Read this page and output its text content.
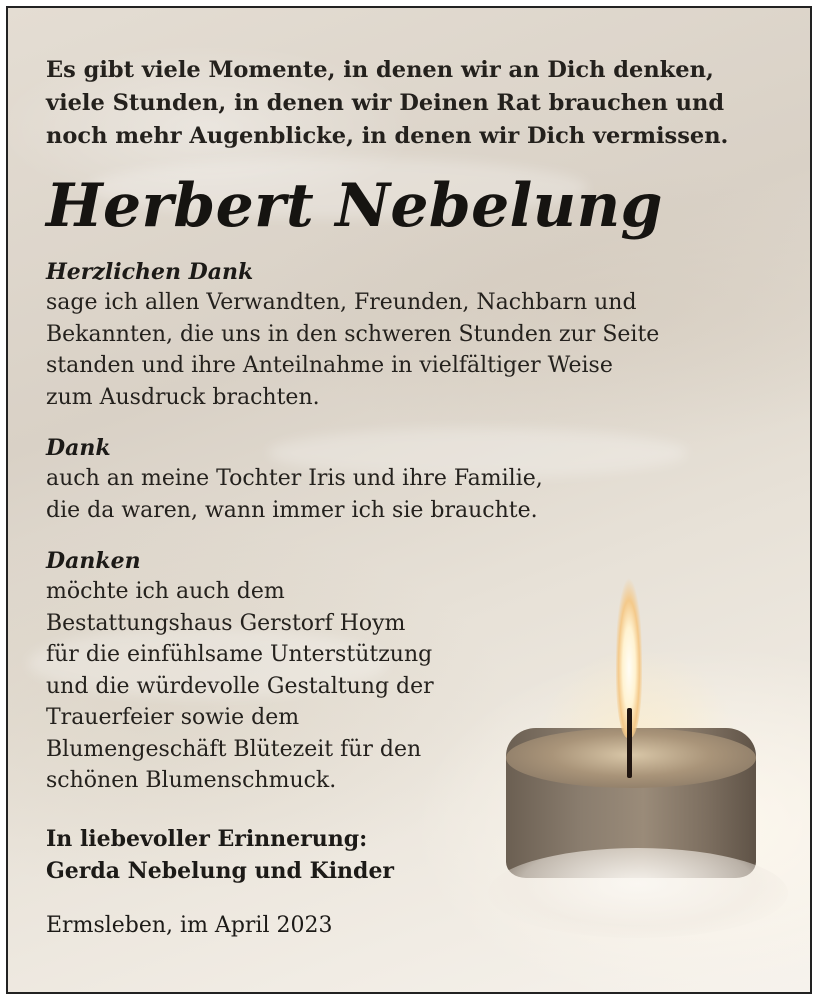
Es gibt viele Momente, in denen wir an Dich denken,
viele Stunden, in denen wir Deinen Rat brauchen und
noch mehr Augenblicke, in denen wir Dich vermissen.

Herbert Nebelung
Herzlichen Dank
sage ich allen Verwandten, Freunden, Nachbarn und
Bekannten, die uns in den schweren Stunden zur Seite
standen und ihre Anteilnahme in vielfältiger Weise
zum Ausdruck brachten.
Dank
auch an meine Tochter Iris und ihre Familie,
die da waren, wann immer ich sie brauchte.
Danken
möchte ich auch dem
Bestattungshaus Gerstorf Hoym
für die einfühlsame Unterstützung
und die würdevolle Gestaltung der
Trauerfeier sowie dem
Blumengeschäft Blütezeit für den
schönen Blumenschmuck.
In liebevoller Erinnerung:
Gerda Nebelung und Kinder
Ermsleben, im April 2023
